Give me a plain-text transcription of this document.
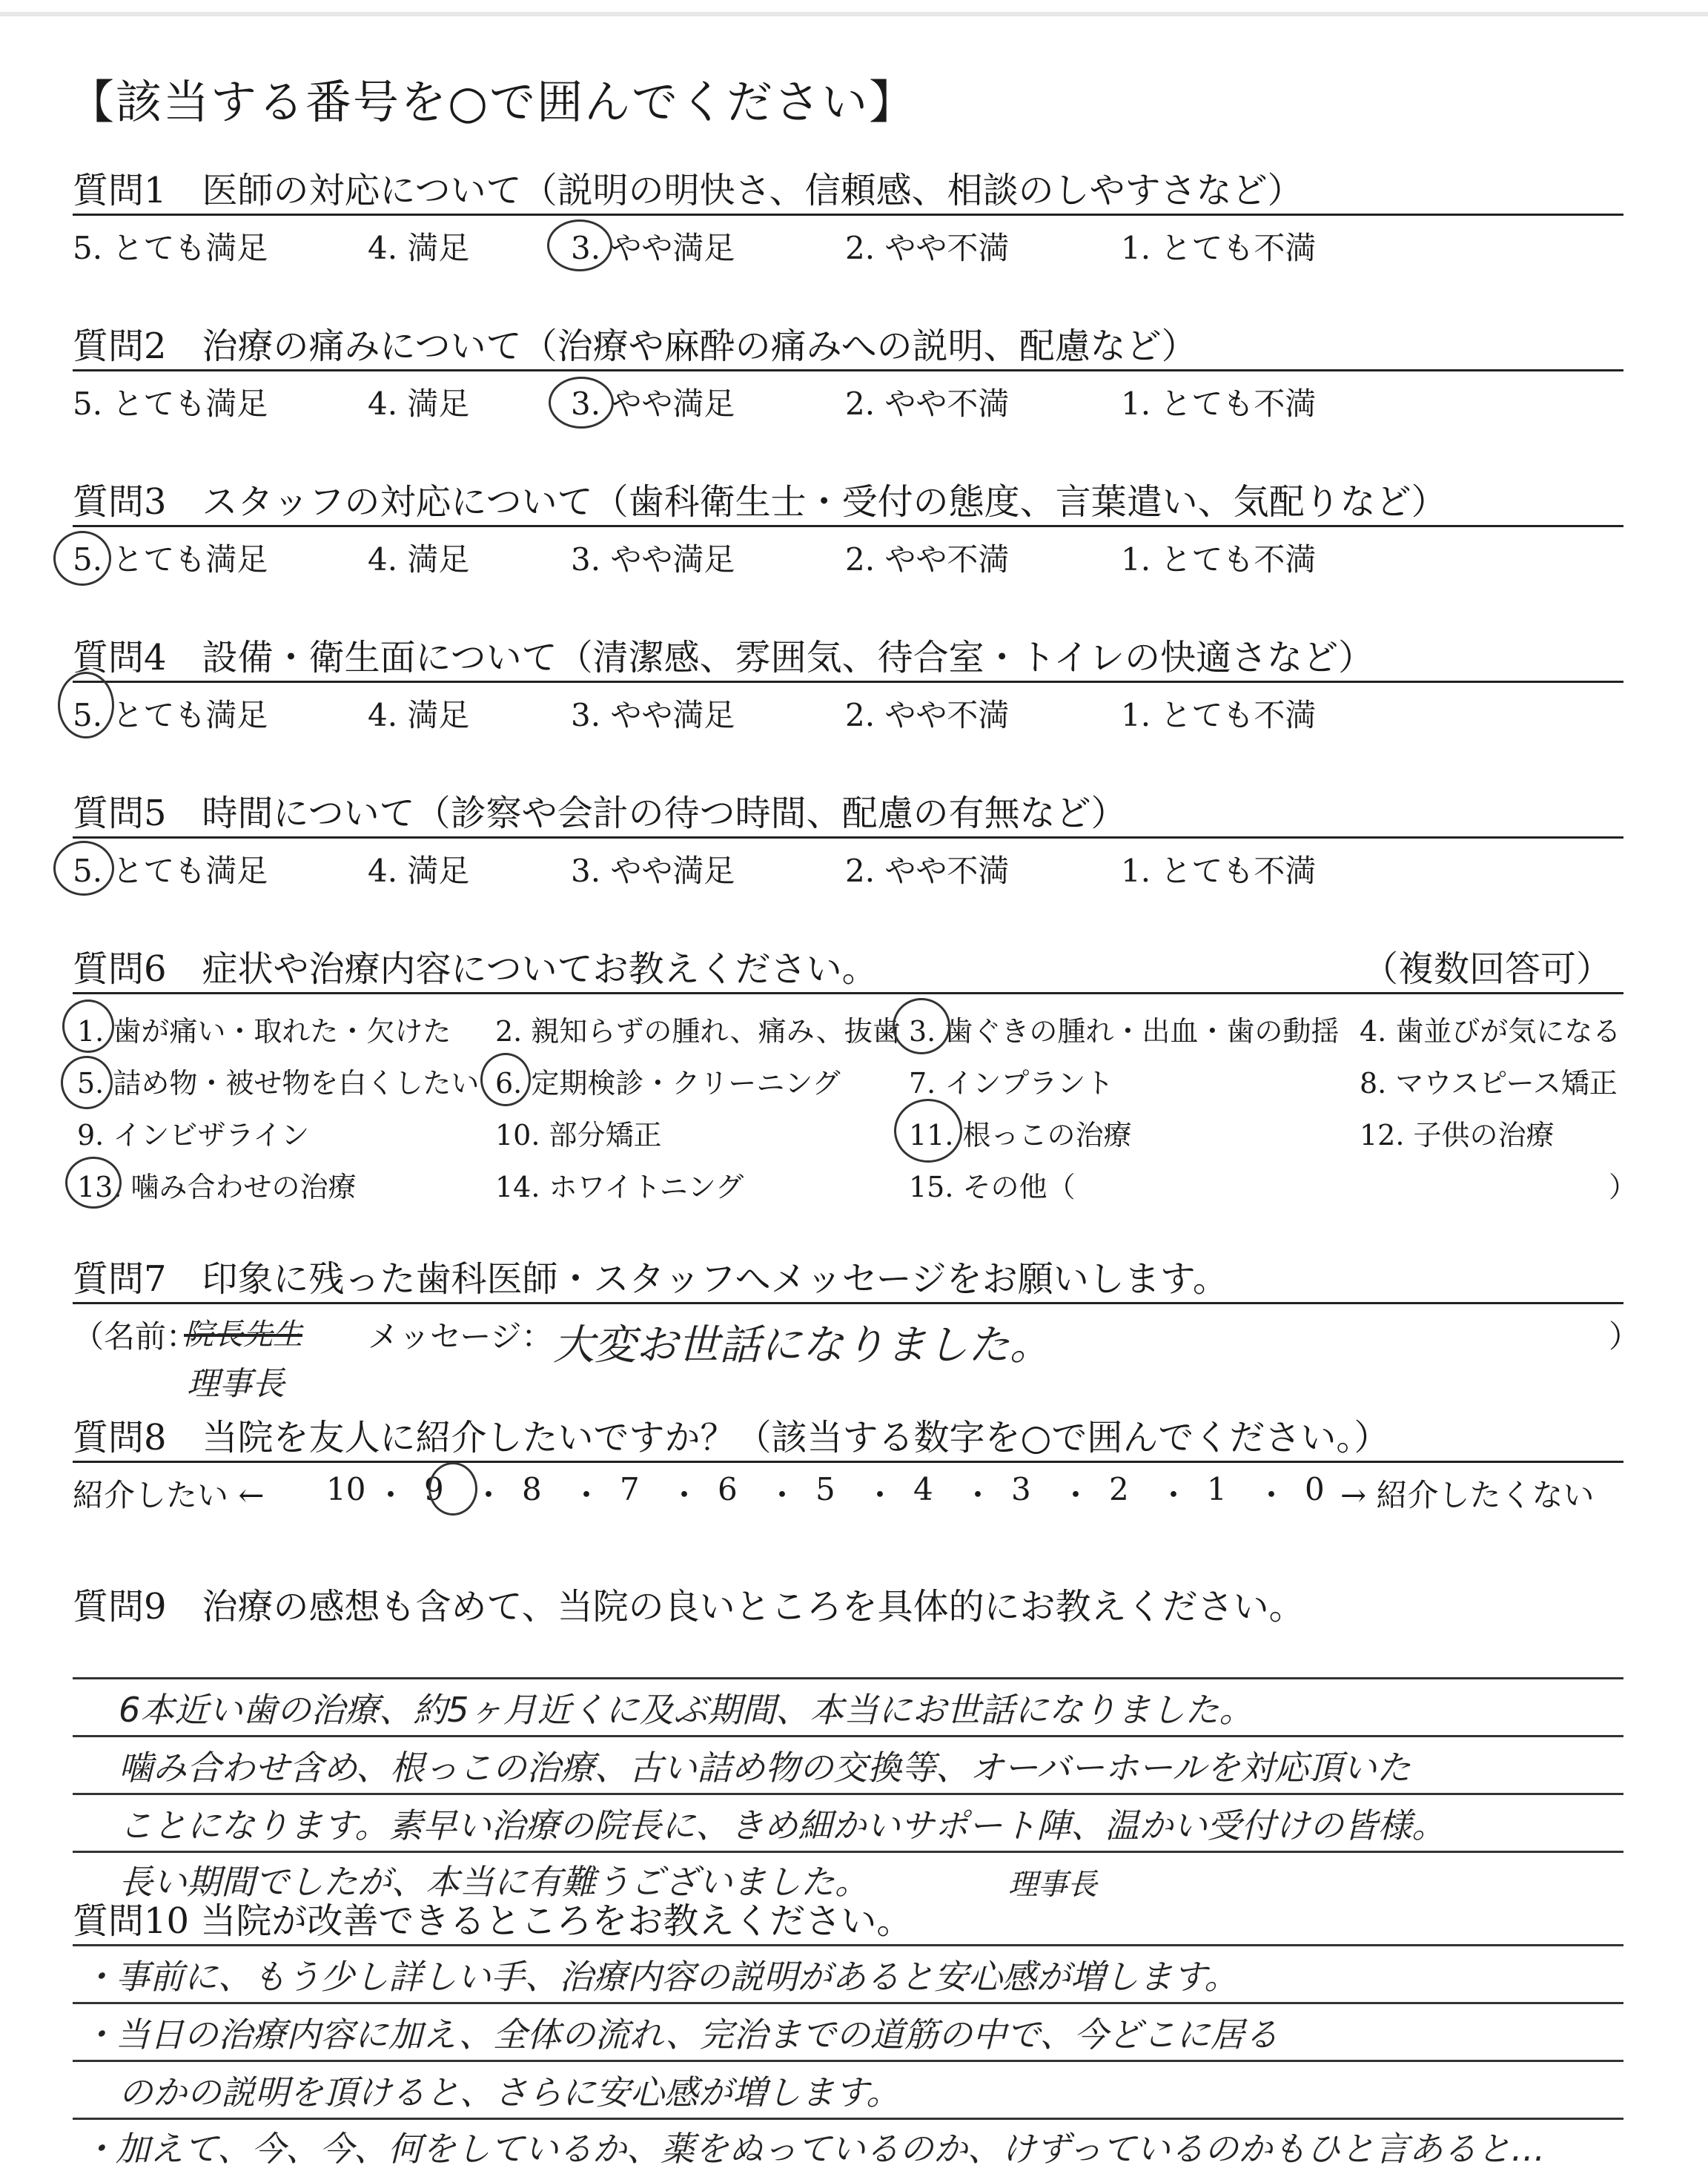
【該当する番号を○で囲んでください】
質問1　医師の対応について（説明の明快さ、信頼感、相談のしやすさなど）
5. とても満足	4. 満足	3. やや満足	2. やや不満	1. とても不満
質問2　治療の痛みについて（治療や麻酔の痛みへの説明、配慮など）
5. とても満足	4. 満足	3. やや満足	2. やや不満	1. とても不満
質問3　スタッフの対応について（歯科衛生士・受付の態度、言葉遣い、気配りなど）
5. とても満足	4. 満足	3. やや満足	2. やや不満	1. とても不満
質問4　設備・衛生面について（清潔感、雰囲気、待合室・トイレの快適さなど）
5. とても満足	4. 満足	3. やや満足	2. やや不満	1. とても不満
質問5　時間について（診察や会計の待つ時間、配慮の有無など）
5. とても満足	4. 満足	3. やや満足	2. やや不満	1. とても不満
質問6　症状や治療内容についてお教えください。	（複数回答可）
1. 歯が痛い・取れた・欠けた 2. 親知らずの腫れ、痛み、抜歯 3. 歯ぐきの腫れ・出血・歯の動揺 4. 歯並びが気になる
5. 詰め物・被せ物を白くしたい 6. 定期検診・クリーニング 7. インプラント	8. マウスピース矯正
9. インビザライン	10. 部分矯正	11. 根っこの治療	12. 子供の治療
13. 噛み合わせの治療	14. ホワイトニング	15. その他（	）
質問7　印象に残った歯科医師・スタッフへメッセージをお願いします。
（名前：
院長先生
理事長
メッセージ： 大変お世話になりました。	）
質問8　当院を友人に紹介したいですか？（該当する数字を○で囲んでください。）
紹介したい ← 10 ・ 9 ・ 8 ・ 7 ・ 6 ・ 5 ・ 4 ・ 3 ・ 2 ・ 1 ・ 0 → 紹介したくない
質問9　治療の感想も含めて、当院の良いところを具体的にお教えください。
6本近い歯の治療、約5ヶ月近くに及ぶ期間、本当にお世話になりました。
噛み合わせ含め、根っこの治療、古い詰め物の交換等、オーバーホールを対応頂いた
ことになります。素早い治療の院長に、きめ細かいサポート陣、温かい受付けの皆様。
長い期間でしたが、本当に有難うございました。	理事長
質問10 当院が改善できるところをお教えください。
・事前に、もう少し詳しい手、治療内容の説明があると安心感が増します。
・当日の治療内容に加え、全体の流れ、完治までの道筋の中で、今どこに居る
のかの説明を頂けると、さらに安心感が増します。
・加えて、今、今、何をしているか、薬をぬっているのか、けずっているのかもひと言あると…
